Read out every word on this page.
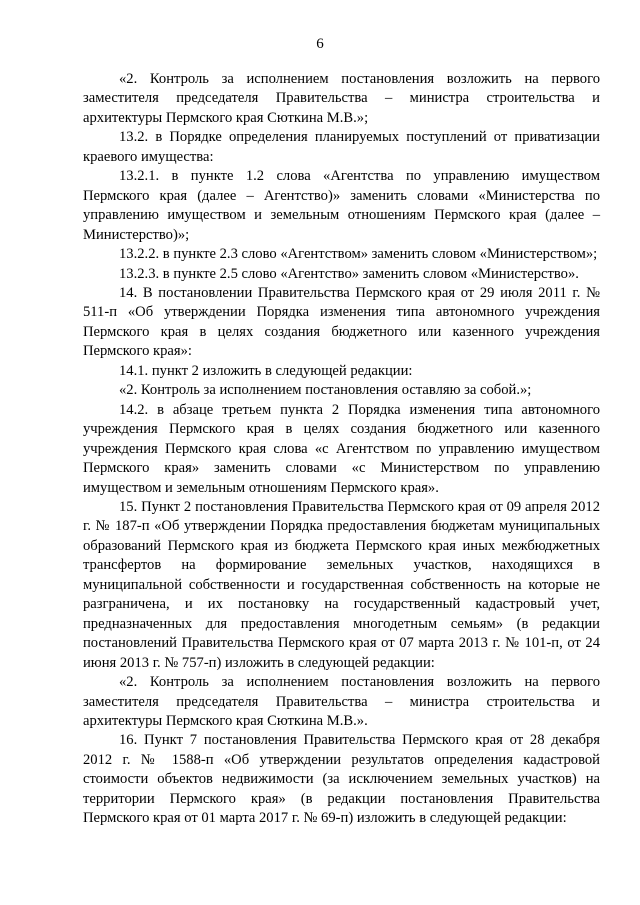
6

«2. Контроль за исполнением постановления возложить на первого заместителя председателя Правительства – министра строительства и архитектуры Пермского края Сюткина М.В.»;

13.2. в Порядке определения планируемых поступлений от приватизации краевого имущества:

13.2.1. в пункте 1.2 слова «Агентства по управлению имуществом Пермского края (далее – Агентство)» заменить словами «Министерства по управлению имуществом и земельным отношениям Пермского края (далее – Министерство)»;

13.2.2. в пункте 2.3 слово «Агентством» заменить словом «Министерством»;

13.2.3. в пункте 2.5 слово «Агентство» заменить словом «Министерство».

14. В постановлении Правительства Пермского края от 29 июля 2011 г. № 511-п «Об утверждении Порядка изменения типа автономного учреждения Пермского края в целях создания бюджетного или казенного учреждения Пермского края»:

14.1. пункт 2 изложить в следующей редакции:

«2. Контроль за исполнением постановления оставляю за собой.»;

14.2. в абзаце третьем пункта 2 Порядка изменения типа автономного учреждения Пермского края в целях создания бюджетного или казенного учреждения Пермского края слова «с Агентством по управлению имуществом Пермского края» заменить словами «с Министерством по управлению имуществом и земельным отношениям Пермского края».

15. Пункт 2 постановления Правительства Пермского края от 09 апреля 2012 г. № 187-п «Об утверждении Порядка предоставления бюджетам муниципальных образований Пермского края из бюджета Пермского края иных межбюджетных трансфертов на формирование земельных участков, находящихся в муниципальной собственности и государственная собственность на которые не разграничена, и их постановку на государственный кадастровый учет, предназначенных для предоставления многодетным семьям» (в редакции постановлений Правительства Пермского края от 07 марта 2013 г. № 101-п, от 24 июня 2013 г. № 757-п) изложить в следующей редакции:

«2. Контроль за исполнением постановления возложить на первого заместителя председателя Правительства – министра строительства и архитектуры Пермского края Сюткина М.В.».

16. Пункт 7 постановления Правительства Пермского края от 28 декабря 2012 г. № 1588-п «Об утверждении результатов определения кадастровой стоимости объектов недвижимости (за исключением земельных участков) на территории Пермского края» (в редакции постановления Правительства Пермского края от 01 марта 2017 г. № 69-п) изложить в следующей редакции:
